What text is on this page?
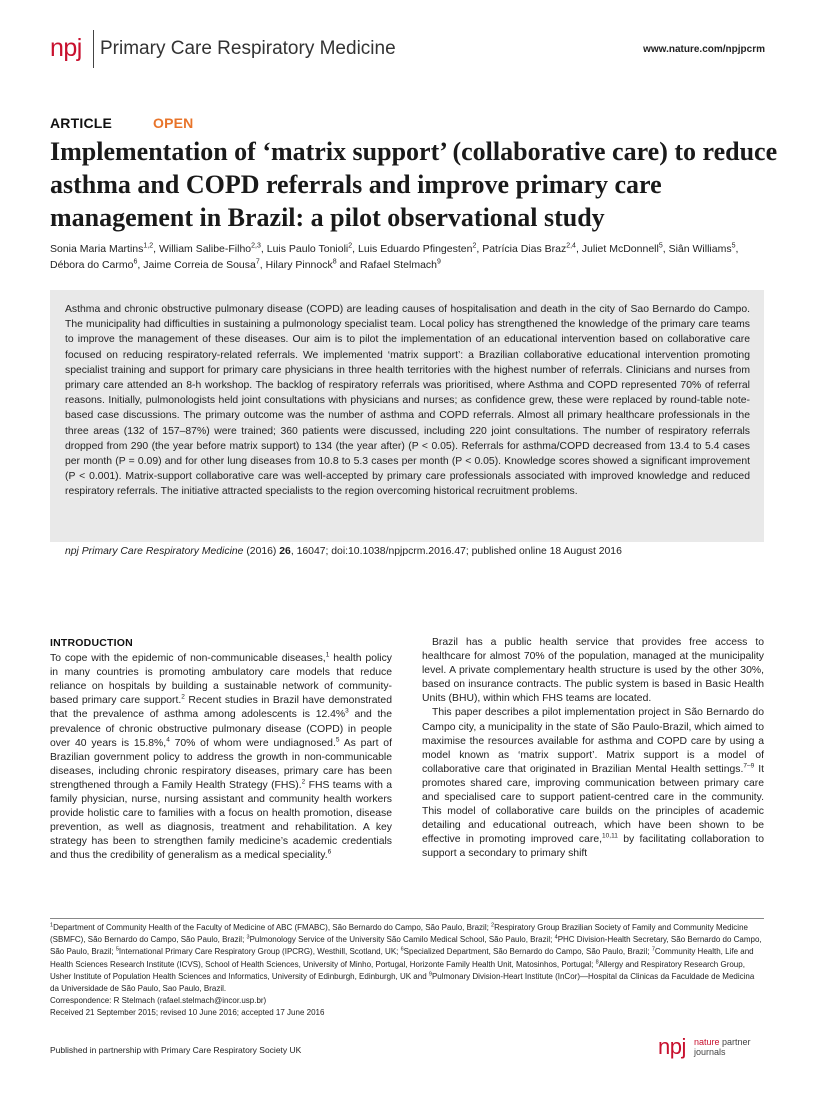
npj Primary Care Respiratory Medicine	www.nature.com/npjpcrm
ARTICLE	OPEN
Implementation of ‘matrix support’ (collaborative care) to reduce asthma and COPD referrals and improve primary care management in Brazil: a pilot observational study
Sonia Maria Martins$^{1,2}$, William Salibe-Filho$^{2,3}$, Luis Paulo Tonioli$^2$, Luis Eduardo Pfingesten$^2$, Patrícia Dias Braz$^{2,4}$, Juliet McDonnell$^5$, Siân Williams$^5$, Débora do Carmo$^6$, Jaime Correia de Sousa$^7$, Hilary Pinnock$^8$ and Rafael Stelmach$^9$

Asthma and chronic obstructive pulmonary disease (COPD) are leading causes of hospitalisation and death in the city of Sao Bernardo do Campo. The municipality had difficulties in sustaining a pulmonology specialist team. Local policy has strengthened the knowledge of the primary care teams to improve the management of these diseases. Our aim is to pilot the implementation of an educational intervention based on collaborative care focused on reducing respiratory-related referrals. We implemented ‘matrix support’: a Brazilian collaborative educational intervention promoting specialist training and support for primary care physicians in three health territories with the highest number of referrals. Clinicians and nurses from primary care attended an 8-h workshop. The backlog of respiratory referrals was prioritised, where Asthma and COPD represented 70% of referral reasons. Initially, pulmonologists held joint consultations with physicians and nurses; as confidence grew, these were replaced by round-table note-based case discussions. The primary outcome was the number of asthma and COPD referrals. Almost all primary healthcare professionals in the three areas (132 of 157–87%) were trained; 360 patients were discussed, including 220 joint consultations. The number of respiratory referrals dropped from 290 (the year before matrix support) to 134 (the year after) (P < 0.05). Referrals for asthma/COPD decreased from 13.4 to 5.4 cases per month (P = 0.09) and for other lung diseases from 10.8 to 5.3 cases per month (P < 0.05). Knowledge scores showed a significant improvement (P < 0.001). Matrix-support collaborative care was well-accepted by primary care professionals associated with improved knowledge and reduced respiratory referrals. The initiative attracted specialists to the region overcoming historical recruitment problems.

npj Primary Care Respiratory Medicine (2016) 26, 16047; doi:10.1038/npjpcrm.2016.47; published online 18 August 2016

INTRODUCTION

To cope with the epidemic of non-communicable diseases,$^1$ health policy in many countries is promoting ambulatory care models that reduce reliance on hospitals by building a sustainable network of community-based primary care support.$^2$ Recent studies in Brazil have demonstrated that the prevalence of asthma among adolescents is 12.4%$^3$ and the prevalence of chronic obstructive pulmonary disease (COPD) in people over 40 years is 15.8%,$^4$ 70% of whom were undiagnosed.$^5$ As part of Brazilian government policy to address the growth in non-communicable diseases, including chronic respiratory diseases, primary care has been strengthened through a Family Health Strategy (FHS).$^2$ FHS teams with a family physician, nurse, nursing assistant and community health workers provide holistic care to families with a focus on health promotion, disease prevention, as well as diagnosis, treatment and rehabilitation. A key strategy has been to strengthen family medicine’s academic credentials and thus the credibility of generalism as a medical speciality.$^6$

Brazil has a public health service that provides free access to healthcare for almost 70% of the population, managed at the municipality level. A private complementary health structure is used by the other 30%, based on insurance contracts. The public system is based in Basic Health Units (BHU), within which FHS teams are located.

This paper describes a pilot implementation project in São Bernardo do Campo city, a municipality in the state of São Paulo-Brazil, which aimed to maximise the resources available for asthma and COPD care by using a model known as ‘matrix support’. Matrix support is a model of collaborative care that originated in Brazilian Mental Health settings.$^{7-9}$ It promotes shared care, improving communication between primary care and specialised care to support patient-centred care in the community. This model of collaborative care builds on the principles of academic detailing and educational outreach, which have been shown to be effective in promoting improved care,$^{10,11}$ by facilitating collaboration to support a secondary to primary shift

$^1$Department of Community Health of the Faculty of Medicine of ABC (FMABC), São Bernardo do Campo, São Paulo, Brazil; $^2$Respiratory Group Brazilian Society of Family and Community Medicine (SBMFC), São Bernardo do Campo, São Paulo, Brazil; $^3$Pulmonology Service of the University São Camilo Medical School, São Paulo, Brazil; $^4$PHC Division-Health Secretary, São Bernardo do Campo, São Paulo, Brazil; $^5$International Primary Care Respiratory Group (IPCRG), Westhill, Scotland, UK; $^6$Specialized Department, São Bernardo do Campo, São Paulo, Brazil; $^7$Community Health, Life and Health Sciences Research Institute (ICVS), School of Health Sciences, University of Minho, Portugal, Horizonte Family Health Unit, Matosinhos, Portugal; $^8$Allergy and Respiratory Research Group, Usher Institute of Population Health Sciences and Informatics, University of Edinburgh, Edinburgh, UK and $^9$Pulmonary Division-Heart Institute (InCor)—Hospital da Clinicas da Faculdade de Medicina da Universidade de São Paulo, Sao Paulo, Brazil.
Correspondence: R Stelmach (rafael.stelmach@incor.usp.br)
Received 21 September 2015; revised 10 June 2016; accepted 17 June 2016
Published in partnership with Primary Care Respiratory Society UK	npj nature partner
journals
